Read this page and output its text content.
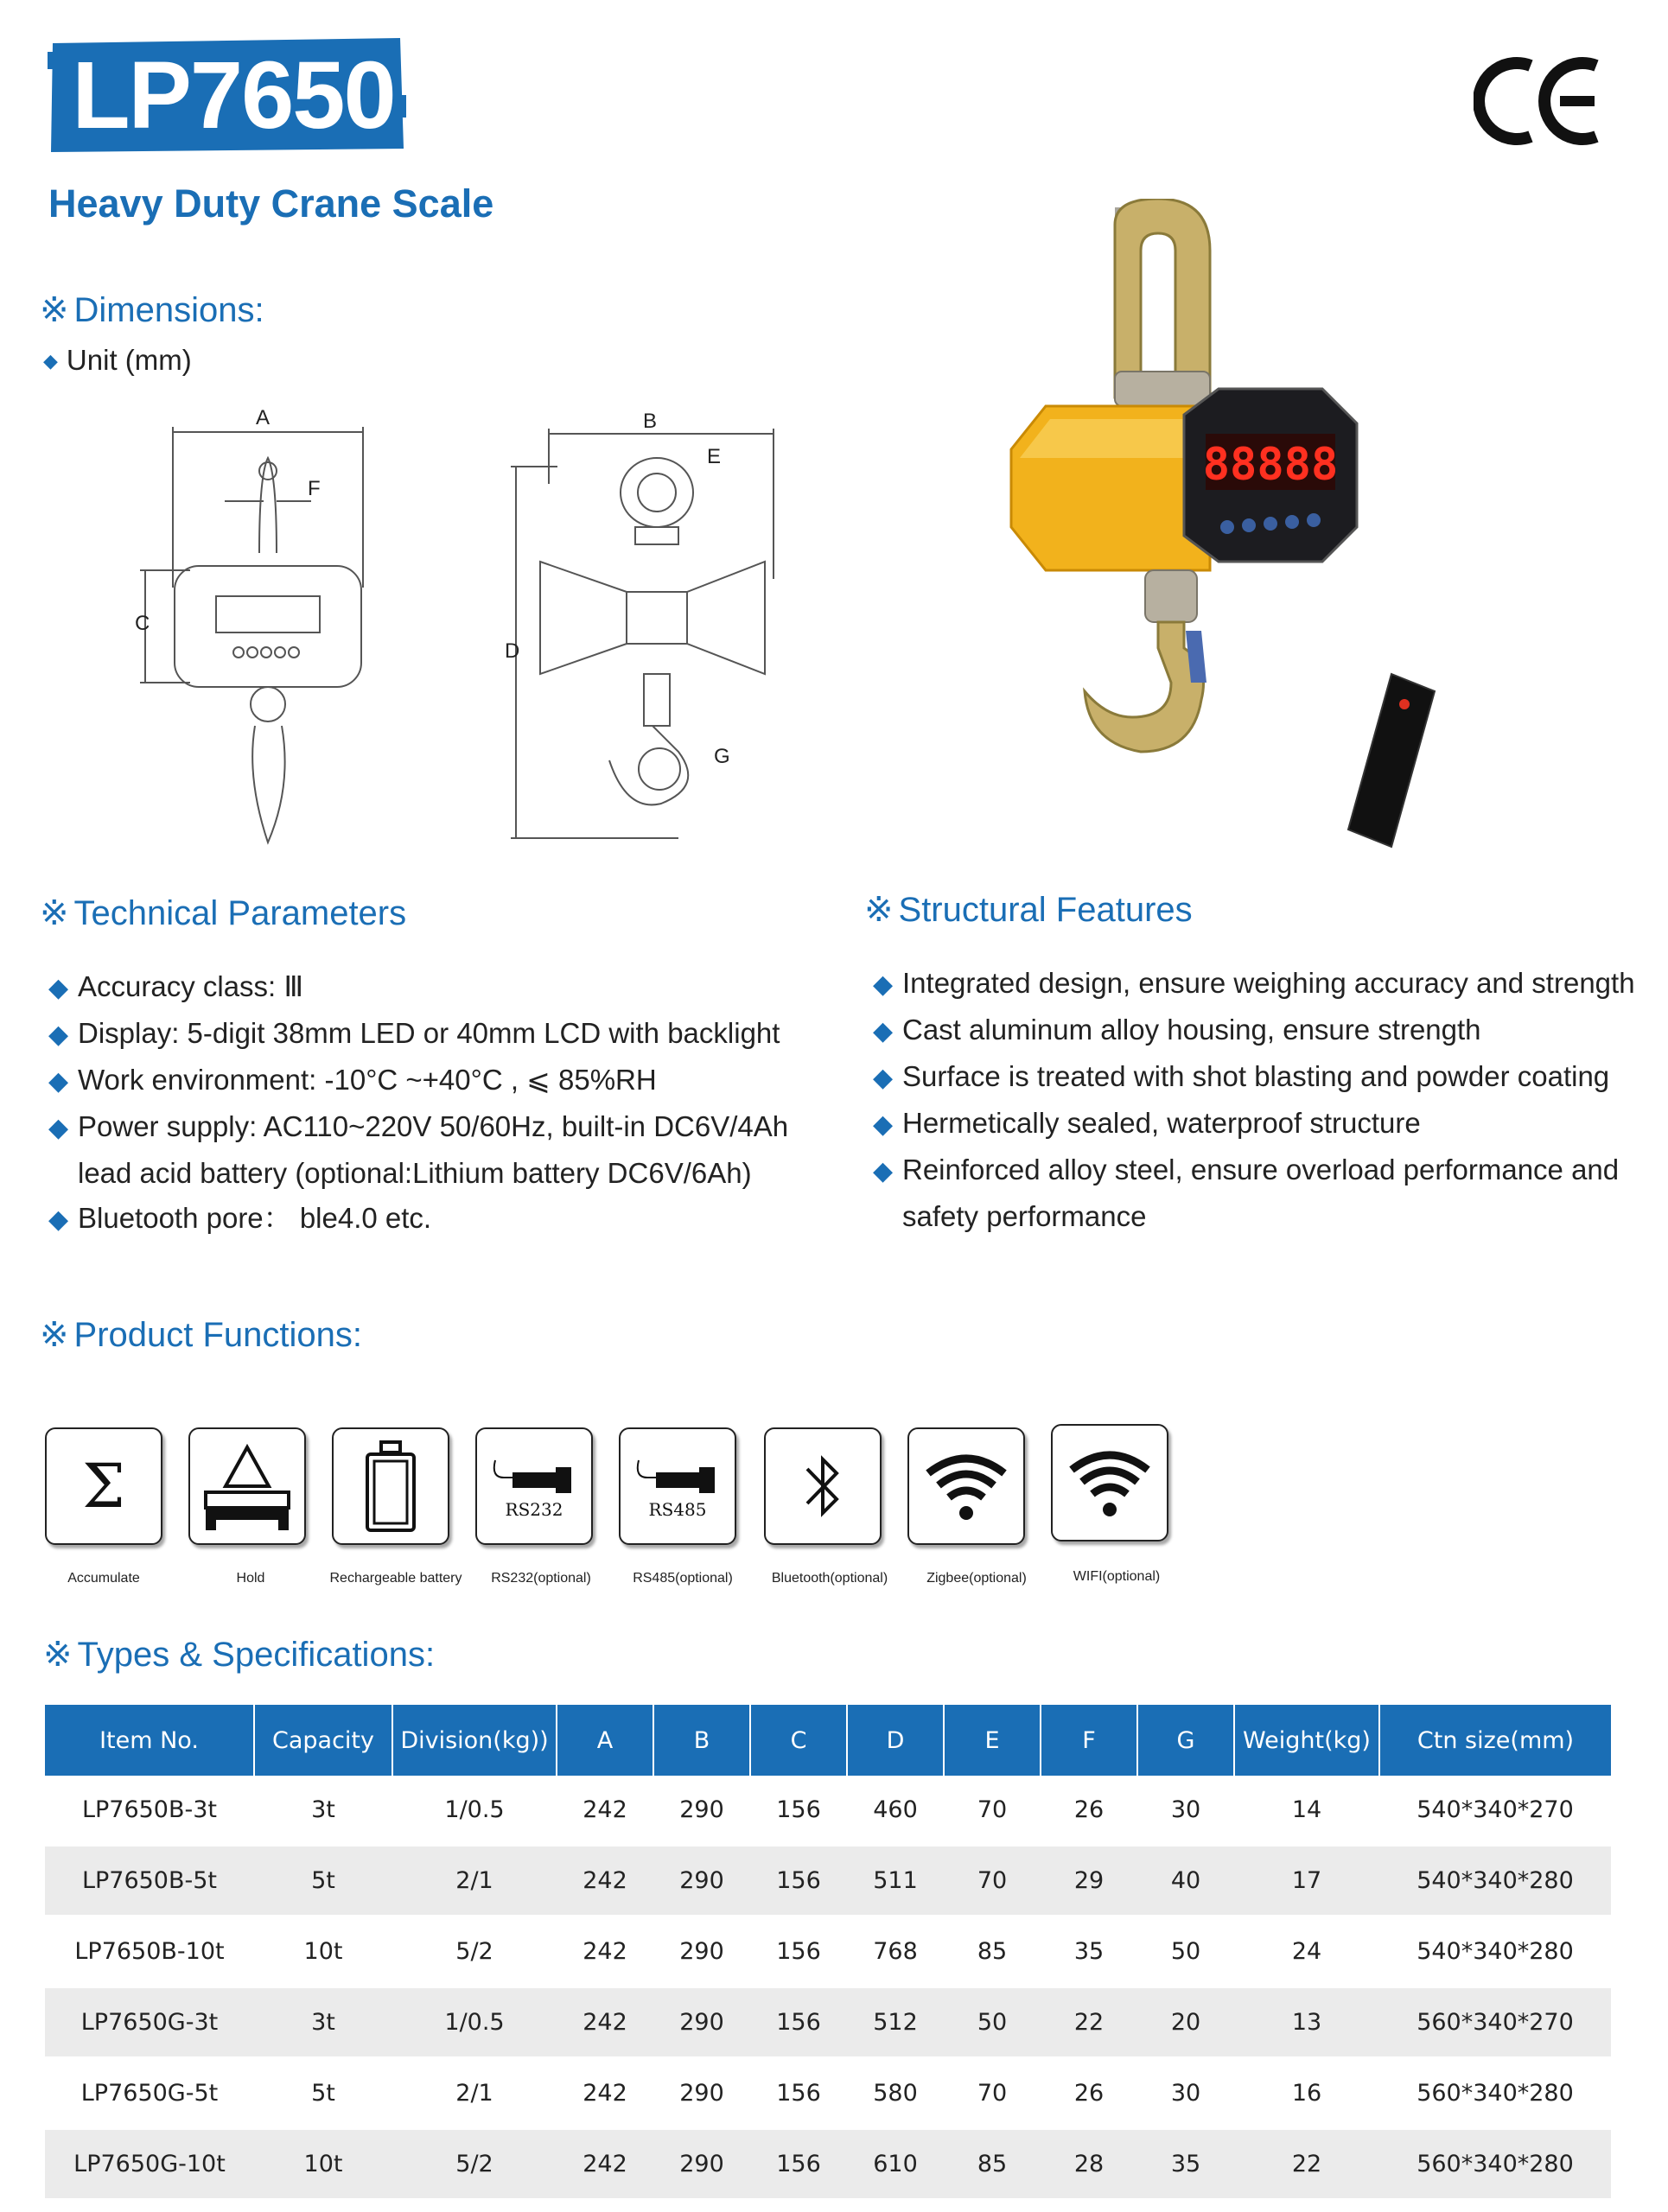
LP7650
Heavy Duty Crane Scale
※ Dimensions:
◆ Unit (mm)
A
F
C
B
E
D
G
88888
※ Technical Parameters
◆ Accuracy class: Ⅲ
◆ Display: 5-digit 38mm LED or 40mm LCD with backlight
◆ Work environment: -10°C ~+40°C , ⩽ 85%RH
◆ Power supply: AC110~220V 50/60Hz, built-in DC6V/4Ah
lead acid battery (optional:Lithium battery DC6V/6Ah)
◆ Bluetooth pore： ble4.0 etc.
※ Structural Features
◆ Integrated design, ensure weighing accuracy and strength
◆ Cast aluminum alloy housing, ensure strength
◆ Surface is treated with shot blasting and powder coating
◆ Hermetically sealed, waterproof structure
◆ Reinforced alloy steel, ensure overload performance and
safety performance
※ Product Functions:
Σ	RS232	RS485
Accumulate	Hold	Rechargeable battery	RS232(optional)	RS485(optional)	Bluetooth(optional)	Zigbee(optional)	WIFI(optional)
※ Types & Specifications:
Item No.	Capacity	Division(kg))	A	B	C	D	E	F	G	Weight(kg)	Ctn size(mm)
LP7650B-3t	3t	1/0.5	242	290	156	460	70	26	30	14	540*340*270
LP7650B-5t	5t	2/1	242	290	156	511	70	29	40	17	540*340*280
LP7650B-10t	10t	5/2	242	290	156	768	85	35	50	24	540*340*280
LP7650G-3t	3t	1/0.5	242	290	156	512	50	22	20	13	560*340*270
LP7650G-5t	5t	2/1	242	290	156	580	70	26	30	16	560*340*280
LP7650G-10t	10t	5/2	242	290	156	610	85	28	35	22	560*340*280
